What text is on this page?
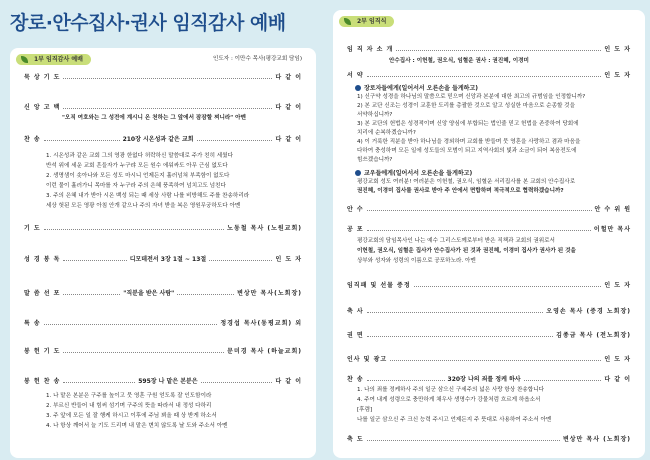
장로·안수집사·권사 임직감사 예배
1부 임직감사 예배	인도자 : 이만수 목사(평강교회 담임)
묵 상 기 도	다 같 이
신 앙 고 백	다 같 이
"오직 여호와는 그 성전에 계시니 온 천하는 그 앞에서 잠잠할 찌니라" 아멘
찬 송	210장 시온성과 같은 교회	다 같 이
1. 시온성과 같은 교회 그의 영광 한없다 허락하신 말씀대로 주가 친히 세웠다
반석 위에 세운 교회 흔들자가 누구랴 모든 원수 에워싸도 아무 근심 없도다
2. 생명샘이 솟아나와 모든 성도 마시니 언제든지 흘러넘쳐 부족함이 없도다
이런 물이 흘러가니 목마를 자 누구라 주의 은혜 풍족하여 넘치고도 넘친다
3. 주의 은혜 내가 받아 시온 백성 되는 때 세상 사람 나를 비방해도 주를 찬송하리라
세상 헛된 모든 영광 아침 안개 같으나 주의 자녀 받을 복은 영원무궁하도다 아멘
기 도	노동철 목사 (노원교회)
성 경 봉 독	디모데전서 3장 1절 ~ 13절	인 도 자
말 씀 선 포	"직분을 받은 사람"	변상만 목사(노회장)
특 송	정경섭 목사(동평교회) 외
봉 헌 기 도	문미경 목사 (하늘교회)
봉 헌 찬 송	595장 나 맡은 본분은	다 같 이
1. 나 맡은 본분은 구주를 높이고 뭇 영혼 구원 얻도록 잘 인도함이라
2. 부르신 반들어 내 힘써 섬기며 구주의 뜻을 따라서 내 정성 다하리
3. 주 앞에 모든 일 잘 행케 하시고 이후에 주님 뵈올 때 상 받게 하소서
4. 나 항상 깨어서 늘 기도 드리며 내 맡은 변치 않도록 날 도와 주소서 아멘
2부 임직식
임 직 자 소 개	인 도 자
안수집사 : 이헌철, 권오식, 임혈운 권사 : 권진혜, 이경미
서 약	인 도 자
장로자들에게(일어서서 오른손을 들게하고)
1) 신구약 성경을 하나님의 말씀으로 믿으며 신앙과 본분에 대한 최고의 규범임을 인정합니까?
2) 본 교단 신조는 성경이 교훈한 도리를 총괄한 것으로 알고 성실한 마음으로 순종할 것을
서약하십니까?
3) 본 교단의 헌법은 성경적이며 신앙 양심에 부합되는 법인줄 믿고 헌법을 존중하여 당회에
치리에 순복하겠습니까?
4) 이 거룩한 직분을 받아 하나님을 경외하며 교회를 받들며 뭇 영혼을 사랑하고 겸과 마음을
다하여 충성하며 모든 일에 성도들의 모범이 되고 지역사회의 빛과 소금이 되어 복음전도에
힘쓰겠습니까?
교우들에게(일어서서 오른손을 들게하고)
평강교회 성도 여러분! 여러분은 이헌철, 권오식, 임혈운 서리집사를 본 교회의 안수집사로
권진혜, 이경미 집사를 권사로 받아 주 안에서 면합하며 적극적으로 협력하겠습니까?
안 수	안 수 위 원
공 포	이헐만 목사
평강교회의 담임목사인 나는 예수 그리스도께로부터 받은 직책과 교회의 권위로서
이헌철, 권오식, 임혈운 집사가 안수집사가 된 것과 권진혜, 이경미 집사가 권사가 된 것을
상부와 성자와 성령의 이름으로 공포하노라. 아멘
임직패 및 선물 증정	인 도 자
축 사	오영손 목사 (증경 노회장)
권 면	김종금 목사 (전노회장)
인사 및 광고	인 도 자
찬 송	320장 나의 죄를 정케 하사	다 같 이
1. 나의 죄를 정케하사 주의 일군 삼으신 구세주의 넓은 사랑 항상 찬송합니다
4. 주여 내게 성령으로 충만하게 채우사 생명수가 강물처럼 흐르게 하옵소서
[후렴]
나를 일군 삼으신 주 크신 능력 주시고 언제든지 주 뜻대로 사용하여 주소서 아멘
축 도	변상만 목사 (노회장)
